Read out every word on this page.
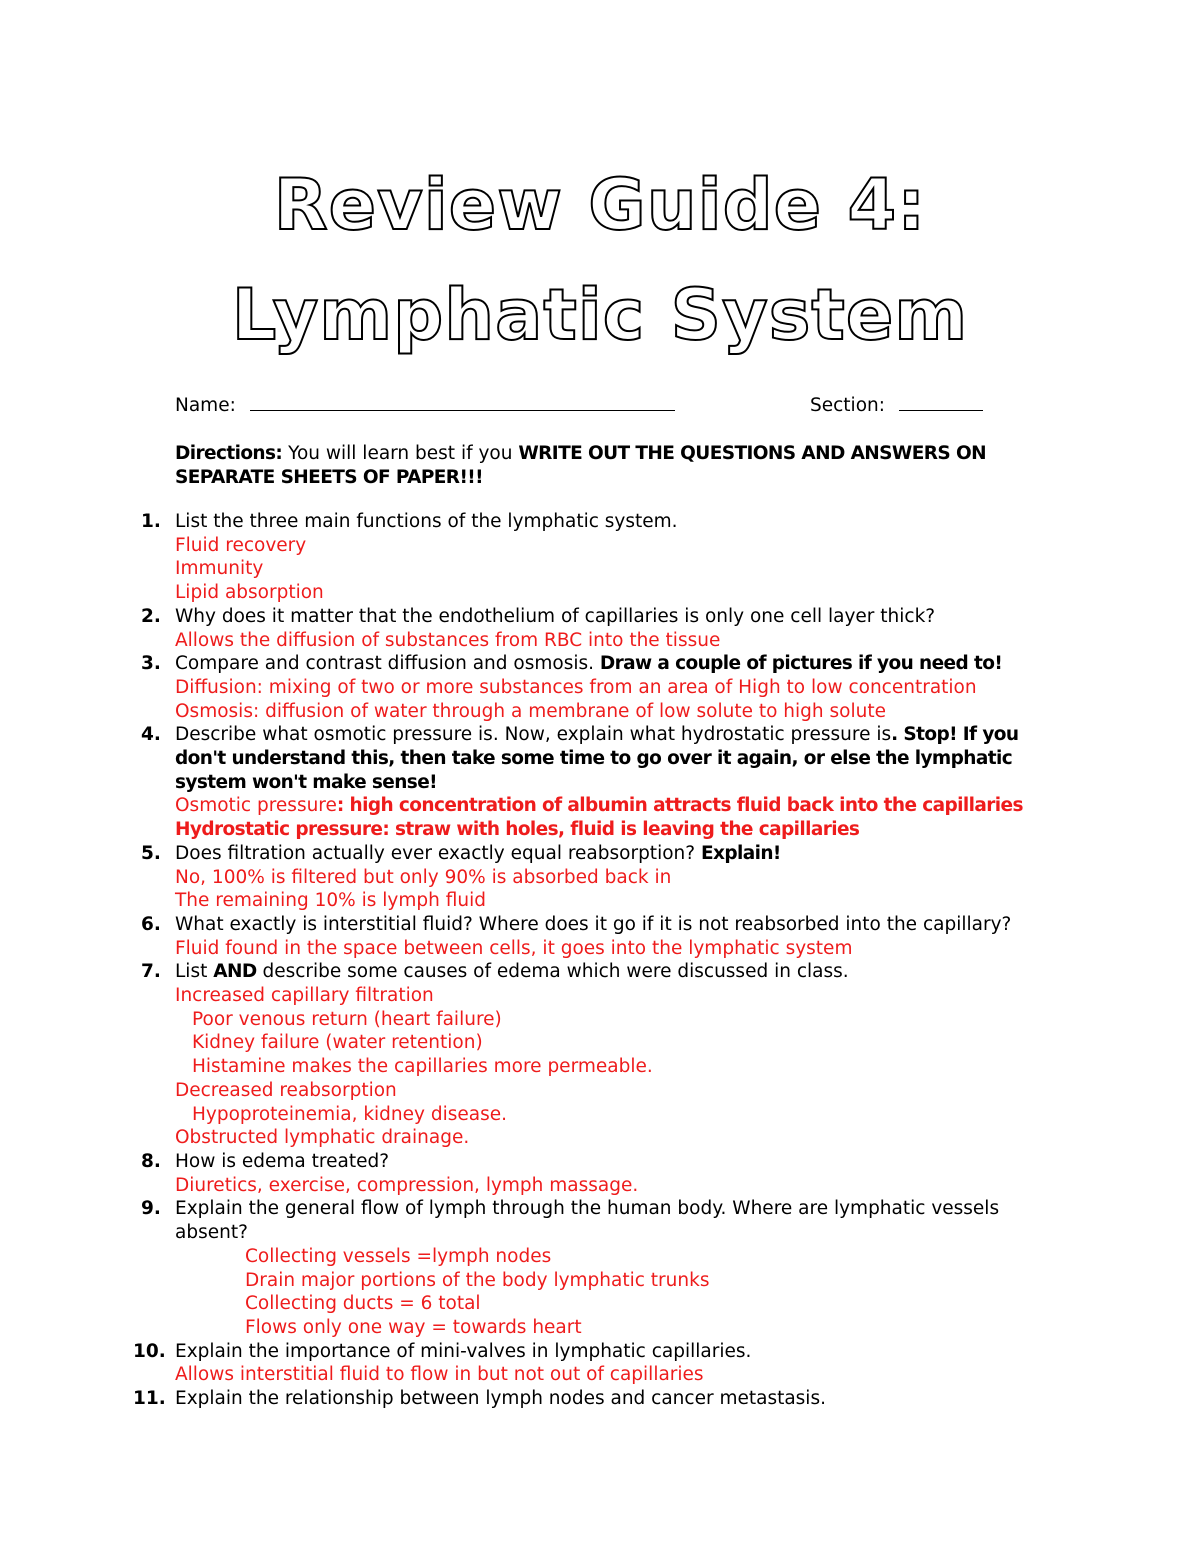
Review Guide 4:
Lymphatic System
Name:	Section:
Directions: You will learn best if you WRITE OUT THE QUESTIONS AND ANSWERS ON SEPARATE SHEETS OF PAPER!!!
1. List the three main functions of the lymphatic system.
Fluid recovery
Immunity
Lipid absorption
2. Why does it matter that the endothelium of capillaries is only one cell layer thick?
Allows the diffusion of substances from RBC into the tissue
3. Compare and contrast diffusion and osmosis. Draw a couple of pictures if you need to!
Diffusion: mixing of two or more substances from an area of High to low concentration
Osmosis: diffusion of water through a membrane of low solute to high solute
4. Describe what osmotic pressure is. Now, explain what hydrostatic pressure is. Stop! If you don't understand this, then take some time to go over it again, or else the lymphatic system won't make sense!
Osmotic pressure: high concentration of albumin attracts fluid back into the capillaries
Hydrostatic pressure: straw with holes, fluid is leaving the capillaries
5. Does filtration actually ever exactly equal reabsorption? Explain!
No, 100% is filtered but only 90% is absorbed back in
The remaining 10% is lymph fluid
6. What exactly is interstitial fluid? Where does it go if it is not reabsorbed into the capillary?
Fluid found in the space between cells, it goes into the lymphatic system
7. List AND describe some causes of edema which were discussed in class.
Increased capillary filtration
Poor venous return (heart failure)
Kidney failure (water retention)
Histamine makes the capillaries more permeable.
Decreased reabsorption
Hypoproteinemia, kidney disease.
Obstructed lymphatic drainage.
8. How is edema treated?
Diuretics, exercise, compression, lymph massage.
9. Explain the general flow of lymph through the human body. Where are lymphatic vessels absent?
Collecting vessels =lymph nodes
Drain major portions of the body lymphatic trunks
Collecting ducts = 6 total
Flows only one way = towards heart
10. Explain the importance of mini-valves in lymphatic capillaries.
Allows interstitial fluid to flow in but not out of capillaries
11. Explain the relationship between lymph nodes and cancer metastasis.
